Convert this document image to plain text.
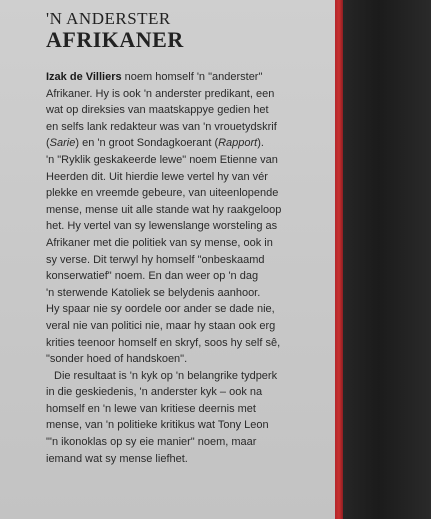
'N ANDERSTER
AFRIKANER

Izak de Villiers noem homself 'n "anderster"

Afrikaner. Hy is ook 'n anderster predikant, een

wat op direksies van maatskappye gedien het

en selfs lank redakteur was van 'n vrouetydskrif

(Sarie) en 'n groot Sondagkoerant (Rapport).

'n "Ryklik geskakeerde lewe" noem Etienne van

Heerden dit. Uit hierdie lewe vertel hy van vér

plekke en vreemde gebeure, van uiteenlopende

mense, mense uit alle stande wat hy raakgeloop

het. Hy vertel van sy lewenslange worsteling as

Afrikaner met die politiek van sy mense, ook in

sy verse. Dit terwyl hy homself "onbeskaamd

konserwatief" noem. En dan weer op 'n dag

'n sterwende Katoliek se belydenis aanhoor.

Hy spaar nie sy oordele oor ander se dade nie,

veral nie van politici nie, maar hy staan ook erg

krities teenoor homself en skryf, soos hy self sê,

"sonder hoed of handskoen".

Die resultaat is 'n kyk op 'n belangrike tydperk

in die geskiedenis, 'n anderster kyk – ook na

homself en 'n lewe van kritiese deernis met

mense, van 'n politieke kritikus wat Tony Leon

"'n ikonoklas op sy eie manier" noem, maar

iemand wat sy mense liefhet.
